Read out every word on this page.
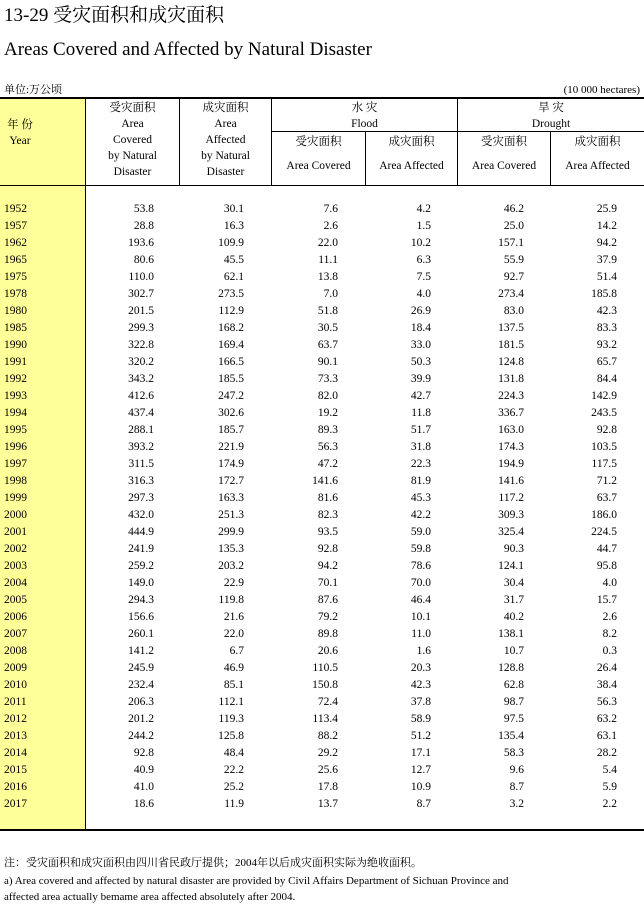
13-29 受灾面积和成灾面积
Areas Covered and Affected by Natural Disaster
单位:万公顷	(10 000 hectares)
年 份
Year
受灾面积
Area
Covered
by Natural
Disaster
成灾面积
Area
Affected
by Natural
Disaster
水 灾
Flood
旱 灾
Drought
受灾面积
Area Covered
成灾面积
Area Affected
受灾面积
Area Covered
成灾面积
Area Affected
1952	53.8	30.1	7.6	4.2	46.2	25.9
1957	28.8	16.3	2.6	1.5	25.0	14.2
1962	193.6	109.9	22.0	10.2	157.1	94.2
1965	80.6	45.5	11.1	6.3	55.9	37.9
1975	110.0	62.1	13.8	7.5	92.7	51.4
1978	302.7	273.5	7.0	4.0	273.4	185.8
1980	201.5	112.9	51.8	26.9	83.0	42.3
1985	299.3	168.2	30.5	18.4	137.5	83.3
1990	322.8	169.4	63.7	33.0	181.5	93.2
1991	320.2	166.5	90.1	50.3	124.8	65.7
1992	343.2	185.5	73.3	39.9	131.8	84.4
1993	412.6	247.2	82.0	42.7	224.3	142.9
1994	437.4	302.6	19.2	11.8	336.7	243.5
1995	288.1	185.7	89.3	51.7	163.0	92.8
1996	393.2	221.9	56.3	31.8	174.3	103.5
1997	311.5	174.9	47.2	22.3	194.9	117.5
1998	316.3	172.7	141.6	81.9	141.6	71.2
1999	297.3	163.3	81.6	45.3	117.2	63.7
2000	432.0	251.3	82.3	42.2	309.3	186.0
2001	444.9	299.9	93.5	59.0	325.4	224.5
2002	241.9	135.3	92.8	59.8	90.3	44.7
2003	259.2	203.2	94.2	78.6	124.1	95.8
2004	149.0	22.9	70.1	70.0	30.4	4.0
2005	294.3	119.8	87.6	46.4	31.7	15.7
2006	156.6	21.6	79.2	10.1	40.2	2.6
2007	260.1	22.0	89.8	11.0	138.1	8.2
2008	141.2	6.7	20.6	1.6	10.7	0.3
2009	245.9	46.9	110.5	20.3	128.8	26.4
2010	232.4	85.1	150.8	42.3	62.8	38.4
2011	206.3	112.1	72.4	37.8	98.7	56.3
2012	201.2	119.3	113.4	58.9	97.5	63.2
2013	244.2	125.8	88.2	51.2	135.4	63.1
2014	92.8	48.4	29.2	17.1	58.3	28.2
2015	40.9	22.2	25.6	12.7	9.6	5.4
2016	41.0	25.2	17.8	10.9	8.7	5.9
2017	18.6	11.9	13.7	8.7	3.2	2.2
注：受灾面积和成灾面积由四川省民政厅提供；2004年以后成灾面积实际为绝收面积。
a) Area covered and affected by natural disaster are provided by Civil Affairs Department of Sichuan Province and
affected area actually bemame area affected absolutely after 2004.
